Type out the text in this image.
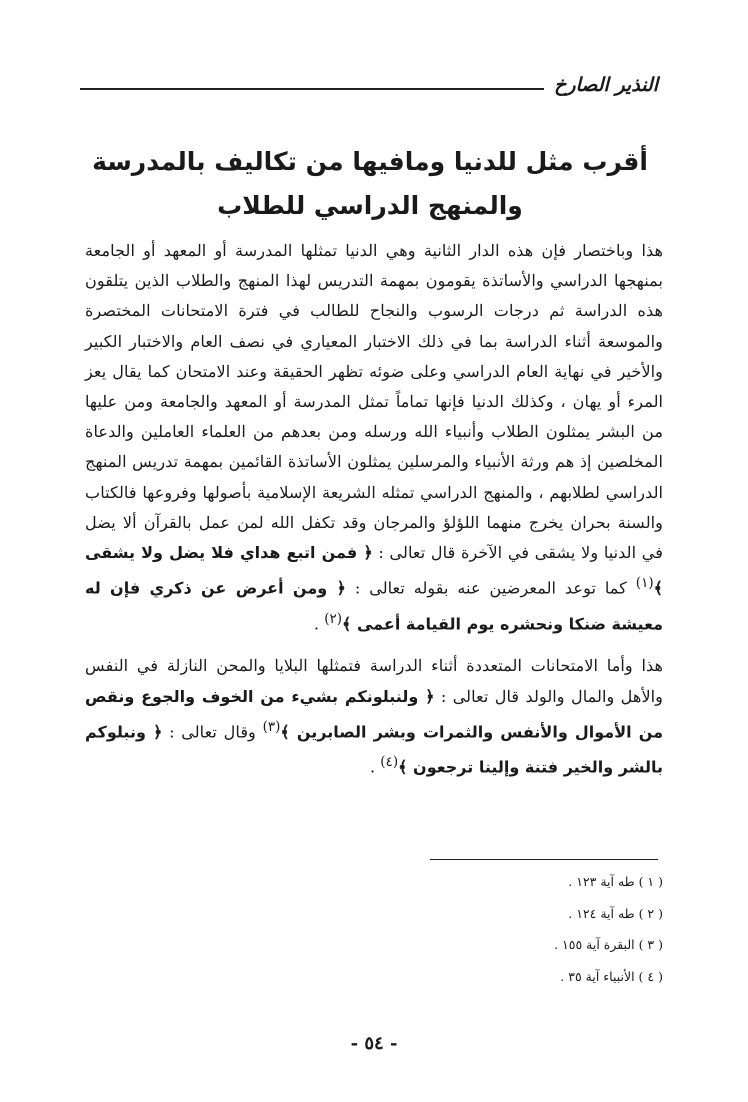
النذير الصارخ
أقرب مثل للدنيا ومافيها من تكاليف بالمدرسة
والمنهج الدراسي للطلاب

هذا وباختصار فإن هذه الدار الثانية وهي الدنيا تمثلها المدرسة أو المعهد أو الجامعة بمنهجها الدراسي والأساتذة يقومون بمهمة التدريس لهذا المنهج والطلاب الذين يتلقون هذه الدراسة ثم درجات الرسوب والنجاح للطالب في فترة الامتحانات المختصرة والموسعة أثناء الدراسة بما في ذلك الاختبار المعياري في نصف العام والاختبار الكبير والأخير في نهاية العام الدراسي وعلى ضوئه تظهر الحقيقة وعند الامتحان كما يقال يعز المرء أو يهان ، وكذلك الدنيا فإنها تماماً تمثل المدرسة أو المعهد والجامعة ومن عليها من البشر يمثلون الطلاب وأنبياء الله ورسله ومن بعدهم من العلماء العاملين والدعاة المخلصين إذ هم ورثة الأنبياء والمرسلين يمثلون الأساتذة القائمين بمهمة تدريس المنهج الدراسي لطلابهم ، والمنهج الدراسي تمثله الشريعة الإسلامية بأصولها وفروعها فالكتاب والسنة بحران يخرج منهما اللؤلؤ والمرجان وقد تكفل الله لمن عمل بالقرآن ألا يضل في الدنيا ولا يشقى في الآخرة قال تعالى : ﴿ فمن اتبع هداي فلا يضل ولا يشقى ﴾$^{(١)}$ كما توعد المعرضين عنه بقوله تعالى : ﴿ ومن أعرض عن ذكري فإن له معيشة ضنكا ونحشره يوم القيامة أعمى ﴾$^{(٢)}$ .

هذا وأما الامتحانات المتعددة أثناء الدراسة فتمثلها البلايا والمحن النازلة في النفس والأهل والمال والولد قال تعالى : ﴿ ولنبلونكم بشيء من الخوف والجوع ونقص من الأموال والأنفس والثمرات وبشر الصابرين ﴾$^{(٣)}$ وقال تعالى : ﴿ ونبلوكم بالشر والخير فتنة وإلينا ترجعون ﴾$^{(٤)}$ .

( ١ ) طه آية ١٢٣ .
( ٢ ) طه آية ١٢٤ .
( ٣ ) البقرة آية ١٥٥ .
( ٤ ) الأنبياء آية ٣٥ .
- ٥٤ -
